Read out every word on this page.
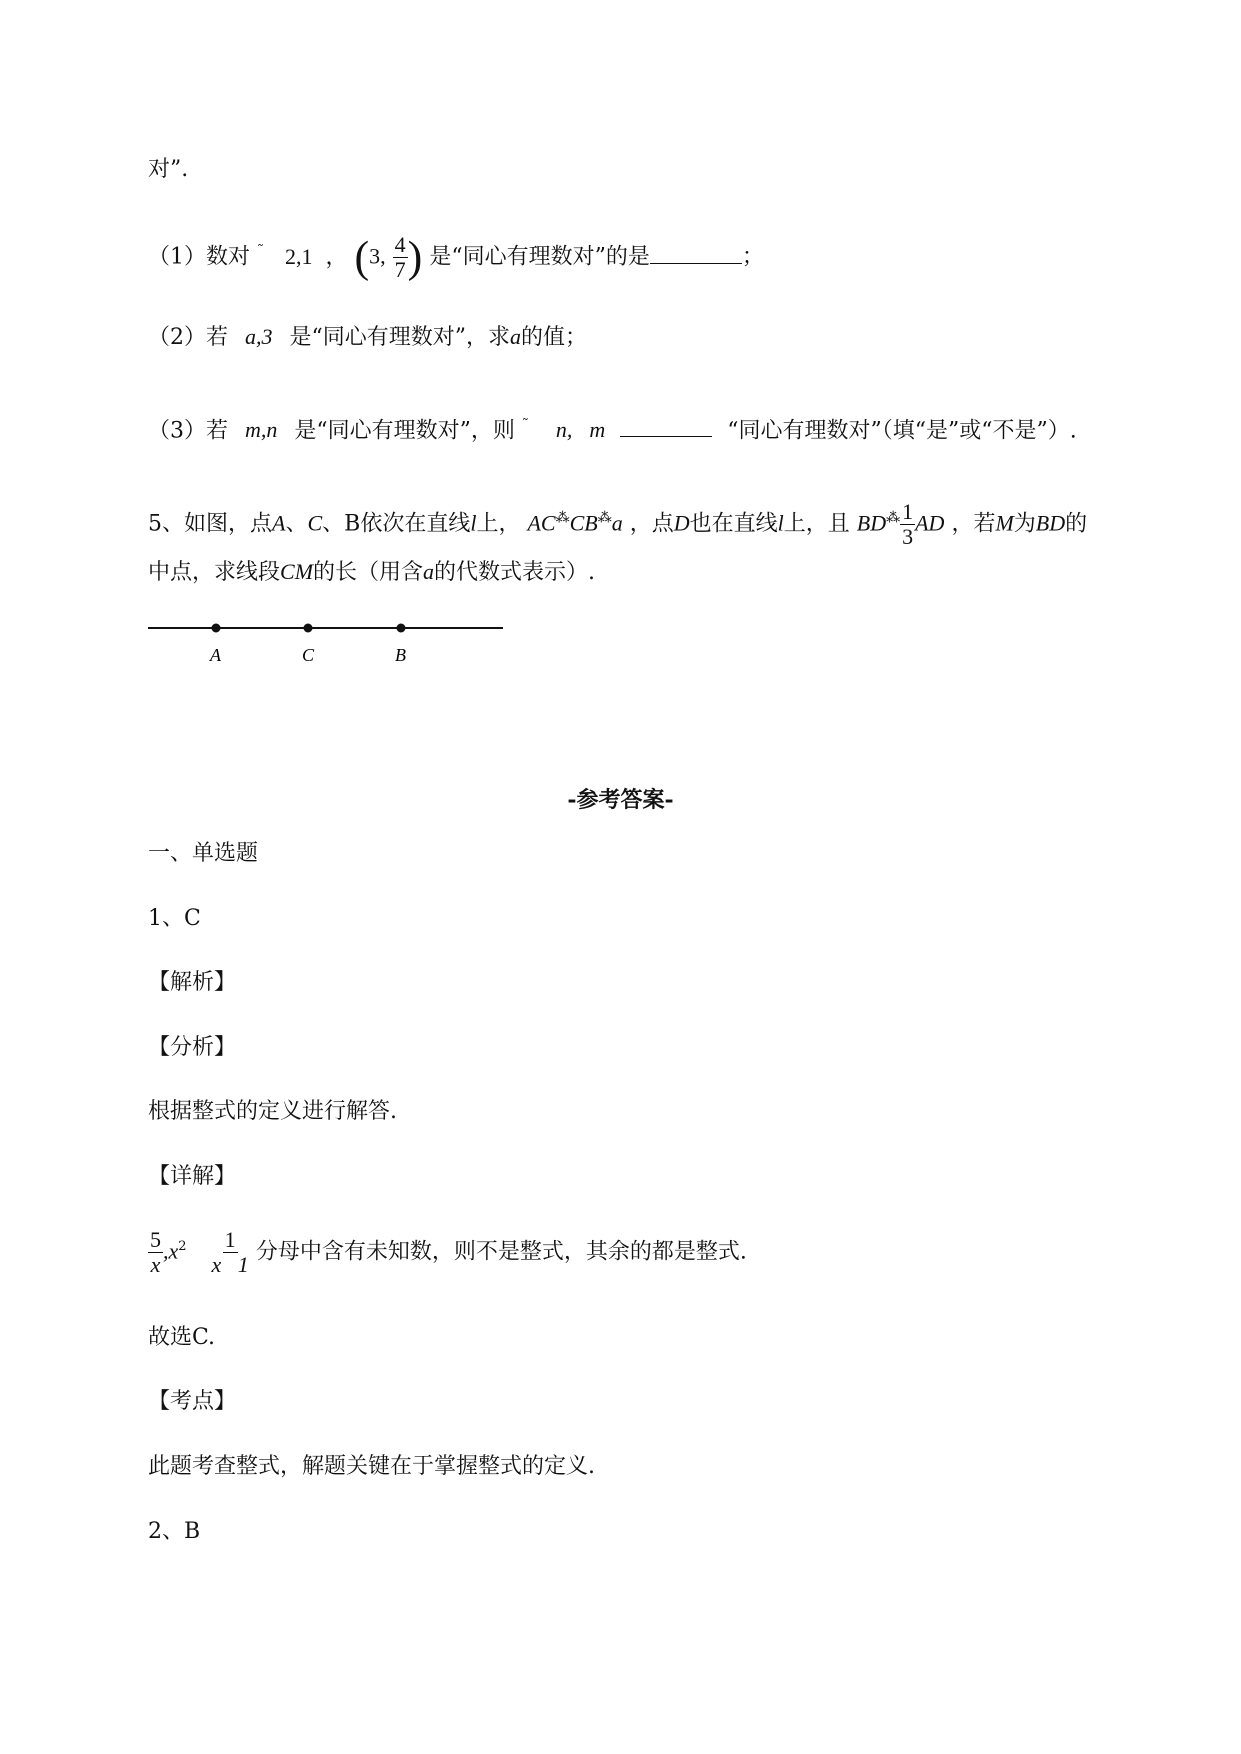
对”.
（1）数对 ˜ 2,1 ， (3, $\frac{4}{7}$ ) 是“同心有理数对”的是	；
（2）若 a,3 是“同心有理数对”，求a的值；
（3）若 m,n 是“同心有理数对”，则 ˜ n, m	“同心有理数对”（填“是”或“不是”）.
5、如图，点A、C、B依次在直线l上， AC⁂CB⁂a ，点D也在直线l上，且 $BD^⁂ \frac{1}{3}$ AD ，若M为BD的
中点，求线段CM的长（用含a的代数式表示）.
A	C	B
-参考答案-
一、单选题
1、C
【解析】
【分析】
根据整式的定义进行解答.
【详解】
$\frac{5}{x} ,x^2 \frac{1}{x 1}$ 分母中含有未知数，则不是整式，其余的都是整式.
故选C.
【考点】
此题考查整式，解题关键在于掌握整式的定义.
2、B
